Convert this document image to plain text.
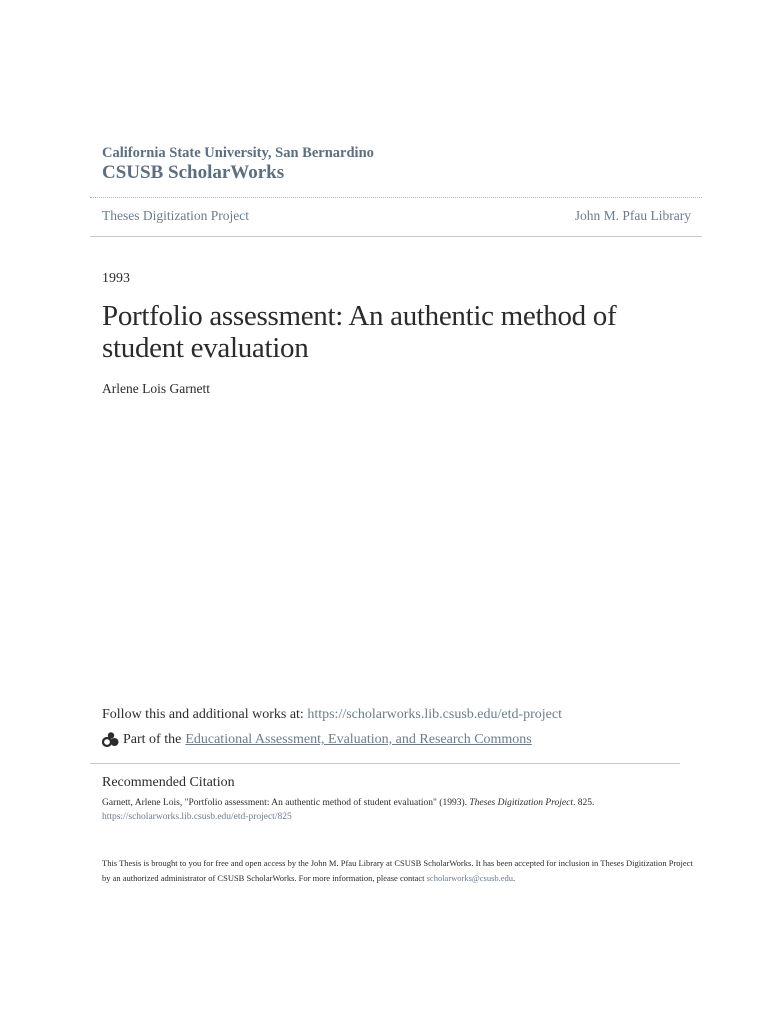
California State University, San Bernardino
CSUSB ScholarWorks
Theses Digitization Project	John M. Pfau Library
1993
Portfolio assessment: An authentic method of student evaluation
Arlene Lois Garnett
Follow this and additional works at: https://scholarworks.lib.csusb.edu/etd-project
Part of the Educational Assessment, Evaluation, and Research Commons
Recommended Citation
Garnett, Arlene Lois, "Portfolio assessment: An authentic method of student evaluation" (1993). Theses Digitization Project. 825.
https://scholarworks.lib.csusb.edu/etd-project/825
This Thesis is brought to you for free and open access by the John M. Pfau Library at CSUSB ScholarWorks. It has been accepted for inclusion in Theses Digitization Project by an authorized administrator of CSUSB ScholarWorks. For more information, please contact scholarworks@csusb.edu.
